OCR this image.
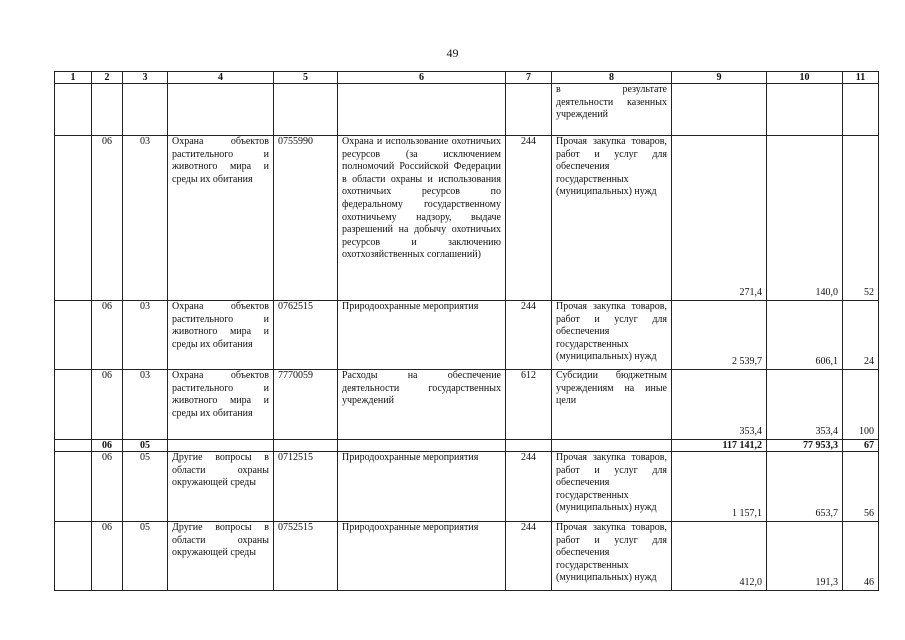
49
1	2	3	4	5	6	7	8	9	10	11
							в результате деятельности казенных учреждений			
	06	03	Охрана объектов растительного и животного мира и среды их обитания	0755990	Охрана и использование охотничьих ресурсов (за исключением полномочий Российской Федерации в области охраны и использования охотничьих ресурсов по федеральному государственному охотничьему надзору, выдаче разрешений на добычу охотничьих ресурсов и заключению охотхозяйственных соглашений)	244	Прочая закупка товаров, работ и услуг для обеспечения государственных (муниципальных) нужд	271,4	140,0	52
	06	03	Охрана объектов растительного и животного мира и среды их обитания	0762515	Природоохранные мероприятия	244	Прочая закупка товаров, работ и услуг для обеспечения государственных (муниципальных) нужд	2 539,7	606,1	24
	06	03	Охрана объектов растительного и животного мира и среды их обитания	7770059	Расходы на обеспечение деятельности государственных учреждений	612	Субсидии бюджетным учреждениям на иные цели	353,4	353,4	100
	06	05						117 141,2	77 953,3	67
	06	05	Другие вопросы в области охраны окружающей среды	0712515	Природоохранные мероприятия	244	Прочая закупка товаров, работ и услуг для обеспечения государственных (муниципальных) нужд	1 157,1	653,7	56
	06	05	Другие вопросы в области охраны окружающей среды	0752515	Природоохранные мероприятия	244	Прочая закупка товаров, работ и услуг для обеспечения государственных (муниципальных) нужд	412,0	191,3	46
